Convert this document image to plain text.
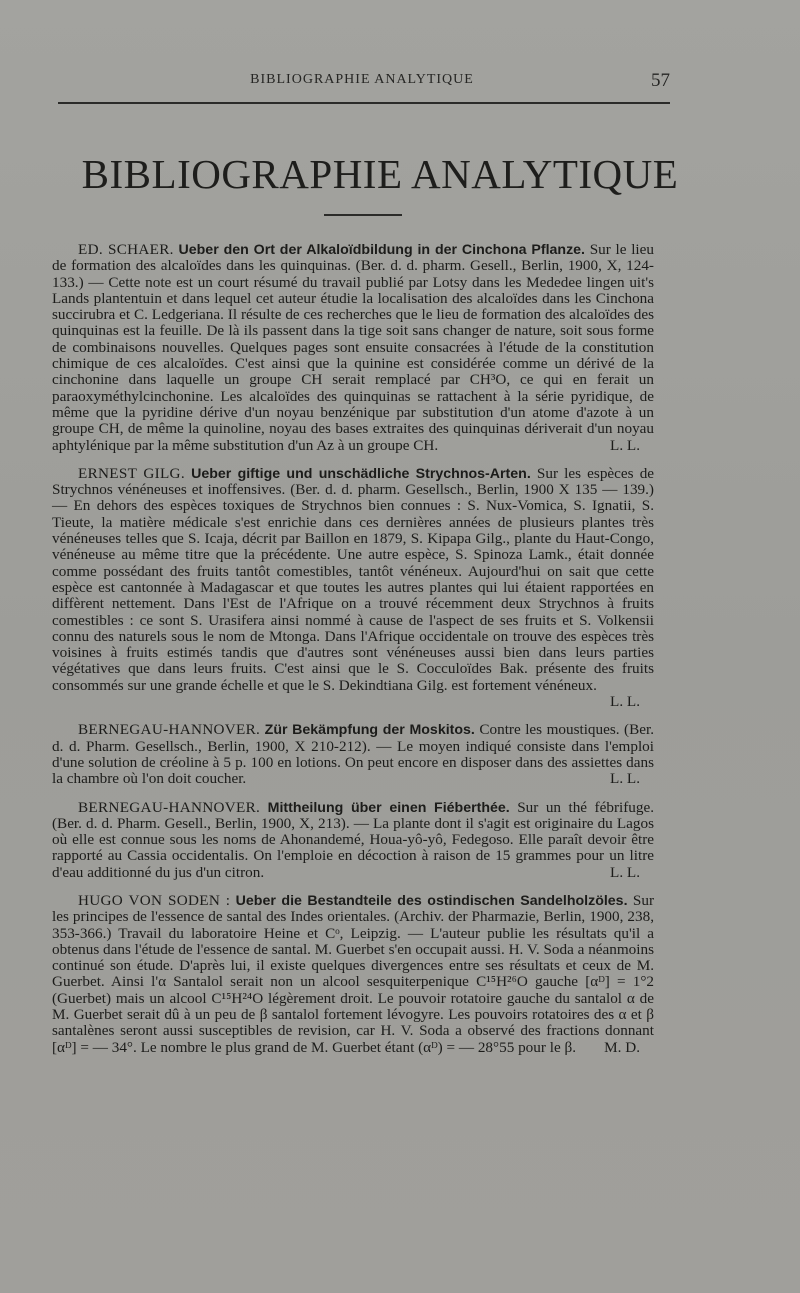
BIBLIOGRAPHIE ANALYTIQUE	57
BIBLIOGRAPHIE ANALYTIQUE

ED. SCHAER. Ueber den Ort der Alkaloïdbildung in der Cinchona Pflanze. Sur le lieu de formation des alcaloïdes dans les quinquinas. (Ber. d. d. pharm. Gesell., Berlin, 1900, X, 124-133.) — Cette note est un court résumé du travail publié par Lotsy dans les Mededee lingen uit's Lands plantentuin et dans lequel cet auteur étudie la localisation des alcaloïdes dans les Cinchona succirubra et C. Ledgeriana. Il résulte de ces recherches que le lieu de formation des alcaloïdes des quinquinas est la feuille. De là ils passent dans la tige soit sans changer de nature, soit sous forme de combinaisons nouvelles. Quelques pages sont ensuite consacrées à l'étude de la constitution chimique de ces alcaloïdes. C'est ainsi que la quinine est considérée comme un dérivé de la cinchonine dans laquelle un groupe CH serait remplacé par CH³O, ce qui en ferait un paraoxyméthylcinchonine. Les alcaloïdes des quinquinas se rattachent à la série pyridique, de même que la pyridine dérive d'un noyau benzénique par substitution d'un atome d'azote à un groupe CH, de même la quinoline, noyau des bases extraites des quinquinas dériverait d'un noyau aphtylénique par la même substitution d'un Az à un groupe CH.	L. L.

ERNEST GILG. Ueber giftige und unschädliche Strychnos-Arten. Sur les espèces de Strychnos vénéneuses et inoffensives. (Ber. d. d. pharm. Gesellsch., Berlin, 1900 X 135 — 139.) — En dehors des espèces toxiques de Strychnos bien connues : S. Nux-Vomica, S. Ignatii, S. Tieute, la matière médicale s'est enrichie dans ces dernières années de plusieurs plantes très vénéneuses telles que S. Icaja, décrit par Baillon en 1879, S. Kipapa Gilg., plante du Haut-Congo, vénéneuse au même titre que la précédente. Une autre espèce, S. Spinoza Lamk., était donnée comme possédant des fruits tantôt comestibles, tantôt vénéneux. Aujourd'hui on sait que cette espèce est cantonnée à Madagascar et que toutes les autres plantes qui lui étaient rapportées en diffèrent nettement. Dans l'Est de l'Afrique on a trouvé récemment deux Strychnos à fruits comestibles : ce sont S. Urasifera ainsi nommé à cause de l'aspect de ses fruits et S. Volkensii connu des naturels sous le nom de Mtonga. Dans l'Afrique occidentale on trouve des espèces très voisines à fruits estimés tandis que d'autres sont vénéneuses aussi bien dans leurs parties végétatives que dans leurs fruits. C'est ainsi que le S. Cocculoïdes Bak. présente des fruits consommés sur une grande échelle et que le S. Dekindtiana Gilg. est fortement vénéneux.
L. L.

BERNEGAU-HANNOVER. Zür Bekämpfung der Moskitos. Contre les moustiques. (Ber. d. d. Pharm. Gesellsch., Berlin, 1900, X 210-212). — Le moyen indiqué consiste dans l'emploi d'une solution de créoline à 5 p. 100 en lotions. On peut encore en disposer dans des assiettes dans la chambre où l'on doit coucher.	L. L.

BERNEGAU-HANNOVER. Mittheilung über einen Fiéberthée. Sur un thé fébrifuge. (Ber. d. d. Pharm. Gesell., Berlin, 1900, X, 213). — La plante dont il s'agit est originaire du Lagos où elle est connue sous les noms de Ahonandemé, Houa-yô-yô, Fedegoso. Elle paraît devoir être rapporté au Cassia occidentalis. On l'emploie en décoction à raison de 15 grammes pour un litre d'eau additionné du jus d'un citron.	L. L.

HUGO VON SODEN : Ueber die Bestandteile des ostindischen Sandelholzöles. Sur les principes de l'essence de santal des Indes orientales. (Archiv. der Pharmazie, Berlin, 1900, 238, 353-366.) Travail du laboratoire Heine et Cᵒ, Leipzig. — L'auteur publie les résultats qu'il a obtenus dans l'étude de l'essence de santal. M. Guerbet s'en occupait aussi. H. V. Soda a néanmoins continué son étude. D'après lui, il existe quelques divergences entre ses résultats et ceux de M. Guerbet. Ainsi l'α Santalol serait non un alcool sesquiterpenique C¹⁵H²⁶O gauche [αᴰ] = 1°2 (Guerbet) mais un alcool C¹⁵H²⁴O légèrement droit. Le pouvoir rotatoire gauche du santalol α de M. Guerbet serait dû à un peu de β santalol fortement lévogyre. Les pouvoirs rotatoires des α et β santalènes seront aussi susceptibles de revision, car H. V. Soda a observé des fractions donnant [αᴰ] = — 34°. Le nombre le plus grand de M. Guerbet étant (αᴰ) = — 28°55 pour le β.	M. D.
